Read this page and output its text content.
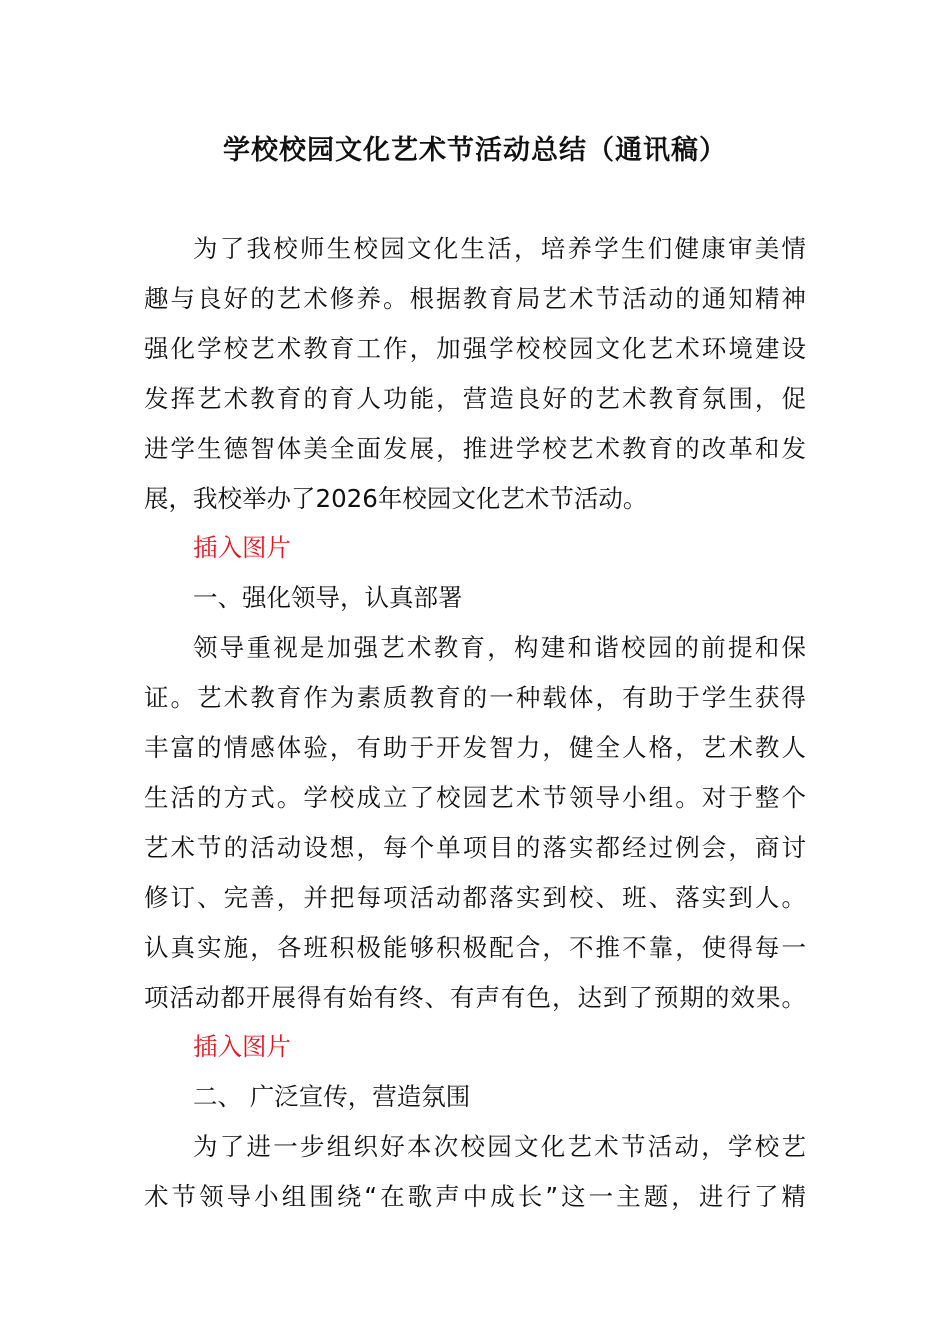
学校校园文化艺术节活动总结（通讯稿）
为了我校师生校园文化生活，培养学生们健康审美情
趣与良好的艺术修养。根据教育局艺术节活动的通知精神
强化学校艺术教育工作，加强学校校园文化艺术环境建设
发挥艺术教育的育人功能，营造良好的艺术教育氛围，促
进学生德智体美全面发展，推进学校艺术教育的改革和发
展，我校举办了2026年校园文化艺术节活动。
插入图片
一、强化领导，认真部署
领导重视是加强艺术教育，构建和谐校园的前提和保
证。艺术教育作为素质教育的一种载体，有助于学生获得
丰富的情感体验，有助于开发智力，健全人格，艺术教人
生活的方式。学校成立了校园艺术节领导小组。对于整个
艺术节的活动设想，每个单项目的落实都经过例会，商讨
修订、完善，并把每项活动都落实到校、班、落实到人。
认真实施，各班积极能够积极配合，不推不靠，使得每一
项活动都开展得有始有终、有声有色，达到了预期的效果。
插入图片
二、 广泛宣传，营造氛围
为了进一步组织好本次校园文化艺术节活动，学校艺
术节领导小组围绕“在歌声中成长”这一主题，进行了精
